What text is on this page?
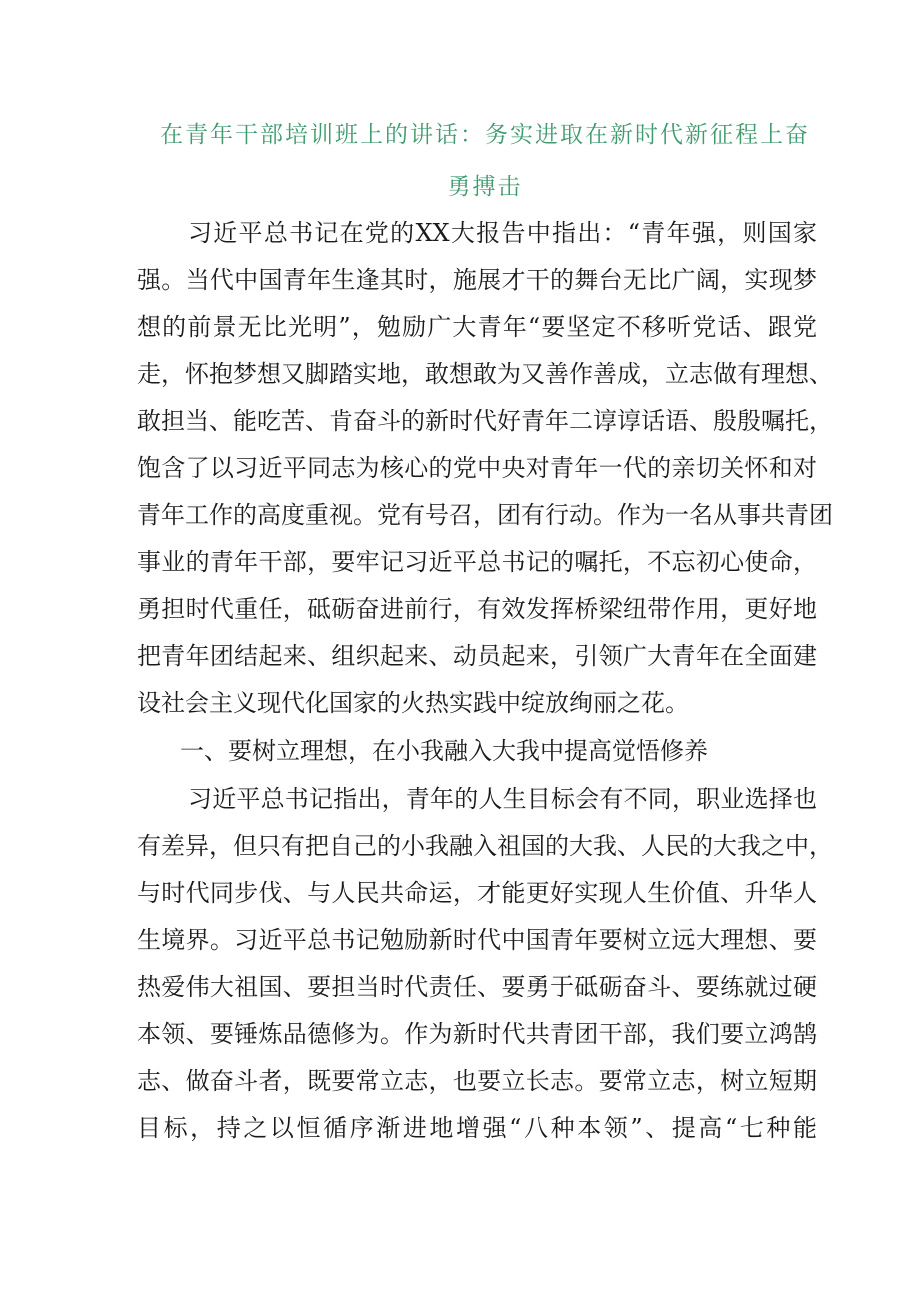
在青年干部培训班上的讲话：务实进取在新时代新征程上奋
勇搏击
习近平总书记在党的XX大报告中指出：“青年强，则国家
强。当代中国青年生逢其时，施展才干的舞台无比广阔，实现梦
想的前景无比光明”，勉励广大青年“要坚定不移听党话、跟党
走，怀抱梦想又脚踏实地，敢想敢为又善作善成，立志做有理想、
敢担当、能吃苦、肯奋斗的新时代好青年二谆谆话语、殷殷嘱托，
饱含了以习近平同志为核心的党中央对青年一代的亲切关怀和对
青年工作的高度重视。党有号召，团有行动。作为一名从事共青团
事业的青年干部，要牢记习近平总书记的嘱托，不忘初心使命，
勇担时代重任，砥砺奋进前行，有效发挥桥梁纽带作用，更好地
把青年团结起来、组织起来、动员起来，引领广大青年在全面建
设社会主义现代化国家的火热实践中绽放绚丽之花。
一、要树立理想，在小我融入大我中提高觉悟修养
习近平总书记指出，青年的人生目标会有不同，职业选择也
有差异，但只有把自己的小我融入祖国的大我、人民的大我之中，
与时代同步伐、与人民共命运，才能更好实现人生价值、升华人
生境界。习近平总书记勉励新时代中国青年要树立远大理想、要
热爱伟大祖国、要担当时代责任、要勇于砥砺奋斗、要练就过硬
本领、要锤炼品德修为。作为新时代共青团干部，我们要立鸿鹄
志、做奋斗者，既要常立志，也要立长志。要常立志，树立短期
目标，持之以恒循序渐进地增强“八种本领”、提高“七种能
